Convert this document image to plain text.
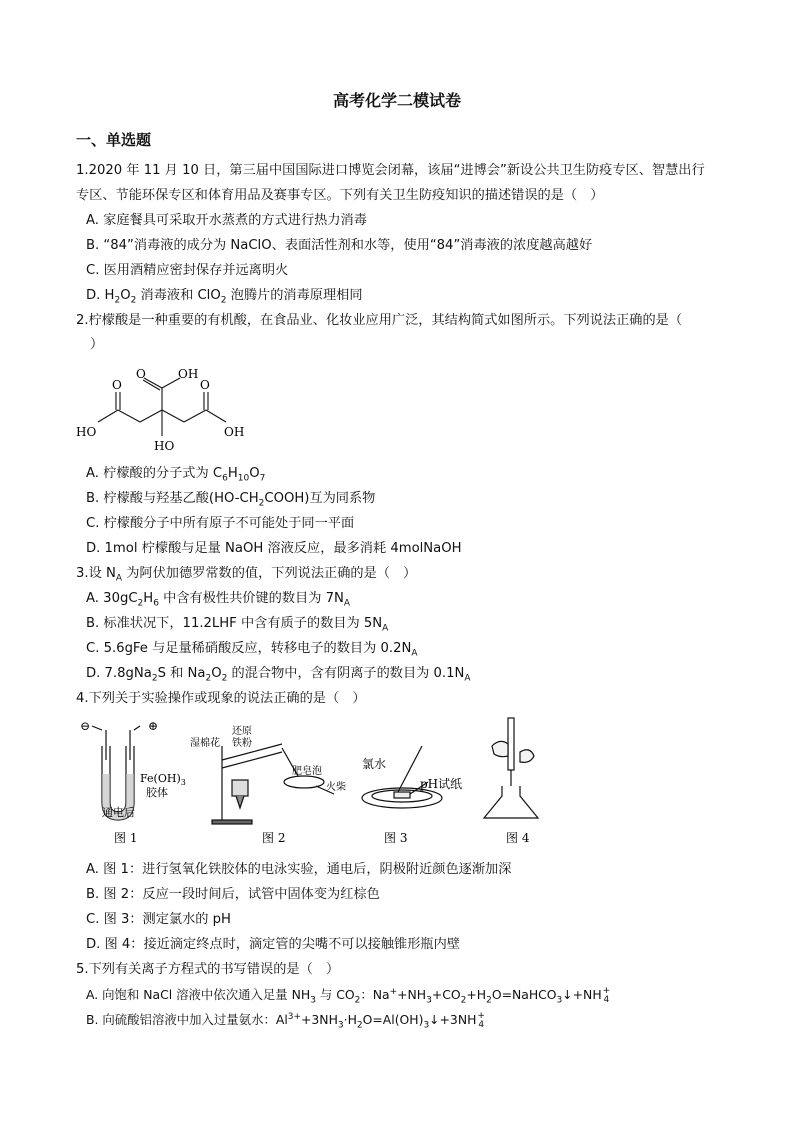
高考化学二模试卷
一、单选题
1.2020 年 11 月 10 日，第三届中国国际进口博览会闭幕，该届“进博会”新设公共卫生防疫专区、智慧出行
专区、节能环保专区和体育用品及赛事专区。下列有关卫生防疫知识的描述错误的是（　）
A. 家庭餐具可采取开水蒸煮的方式进行热力消毒
B. “84”消毒液的成分为 NaClO、表面活性剂和水等，使用“84”消毒液的浓度越高越好
C. 医用酒精应密封保存并远离明火
D. $H_2O_2$ 消毒液和 ClO$_2$ 泡腾片的消毒原理相同
2.柠檬酸是一种重要的有机酸，在食品业、化妆业应用广泛，其结构简式如图所示。下列说法正确的是（
）
O	O
O	OH
HO	OH
HO
A. 柠檬酸的分子式为 $C_6H_{10}O_7$
B. 柠檬酸与羟基乙酸$(HO-CH_2COOH)$互为同系物
C. 柠檬酸分子中所有原子不可能处于同一平面
D. 1mol 柠檬酸与足量 NaOH 溶液反应，最多消耗 4molNaOH
3.设 $N_A$ 为阿伏加德罗常数的值，下列说法正确的是（　）
A. $30gC_2H_6$ 中含有极性共价键的数目为 $7N_A$
B. 标准状况下，11.2LHF 中含有质子的数目为 $5N_A$
C. 5.6gFe 与足量稀硝酸反应，转移电子的数目为 $0.2N_A$
D. 7.8gNa$_2$S 和 $Na_2O_2$ 的混合物中，含有阴离子的数目为 $0.1N_A$
4.下列关于实验操作或现象的说法正确的是（　）
⊖	⊕
$Fe(OH)_3$
胶体
通电后
图 1
湿棉花
还原
铁粉
肥皂泡
火柴
图 2
氯水
pH试纸
图 3	图 4
A. 图 1：进行氢氧化铁胶体的电泳实验，通电后，阴极附近颜色逐渐加深
B. 图 2：反应一段时间后，试管中固体变为红棕色
C. 图 3：测定氯水的 pH
D. 图 4：接近滴定终点时，滴定管的尖嘴不可以接触锥形瓶内壁
5.下列有关离子方程式的书写错误的是（　）
A. 向饱和 NaCl 溶液中依次通入足量 $NH_3$ 与 $CO_2$：$Na^++NH_3+CO_2+H_2O=NaHCO_3↓+NH$ +
4
B. 向硫酸铝溶液中加入过量氨水：$Al^{3+}+3NH_3\cdot H_2O=Al(OH)_3↓+3NH$ +
4
